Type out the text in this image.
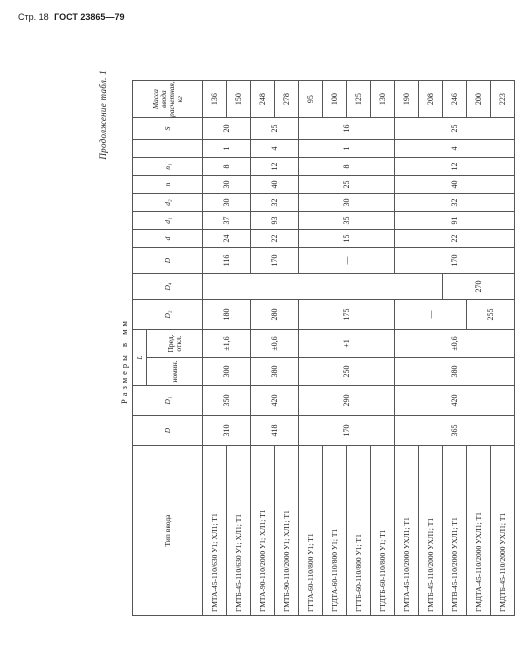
Стр. 18 ГОСТ 23865—79
Продолжение табл. 1
Размеры в мм
Тип ввода	D	D₁	L		D₂	D₄	D	d	d₁	d₂	n	n₁		S	Масса ввода расчетная, кг
			номин.	Пред. откл.											
ГМТА-45-110/630 У1; ХЛ1; Т1	310	350	300	±1,6	180		116	24	37	30	30	8	1	20	136
ГМТБ-45-110/630 У1; ХЛ1; Т1															150
ГМТА-90-110/2000 У1; ХЛ1; Т1	418	420	380	±0,6	280		170	22	93	32	40	12	4	25	248
ГМТБ-90-110/2000 У1; ХЛ1; Т1															278
ГТТА-60-110/800 У1; Т1	170	290	250	+1	175		—	15	35	30	25	8	1	16	95
ГТДТА-60-110/800 У1; Т1															100
ГТТБ-60-110/800 У1; Т1															125
ГТДТБ-60-110/800 У1; Т1															130
ГМТА-45-110/2000 УХЛ1; Т1	365	420	380	±0,6	—		170	22	91	32	40	12	4	25	190
ГМТБ-45-110/2000 УХЛ1; Т1															208
ГМТВ-45-110/2000 УХЛ1; Т1						270									246
ГМДТА-45-110/2000 УХЛ1; Т1					255										200
ГМДТБ-45-110/2000 УХЛ1; Т1															223
